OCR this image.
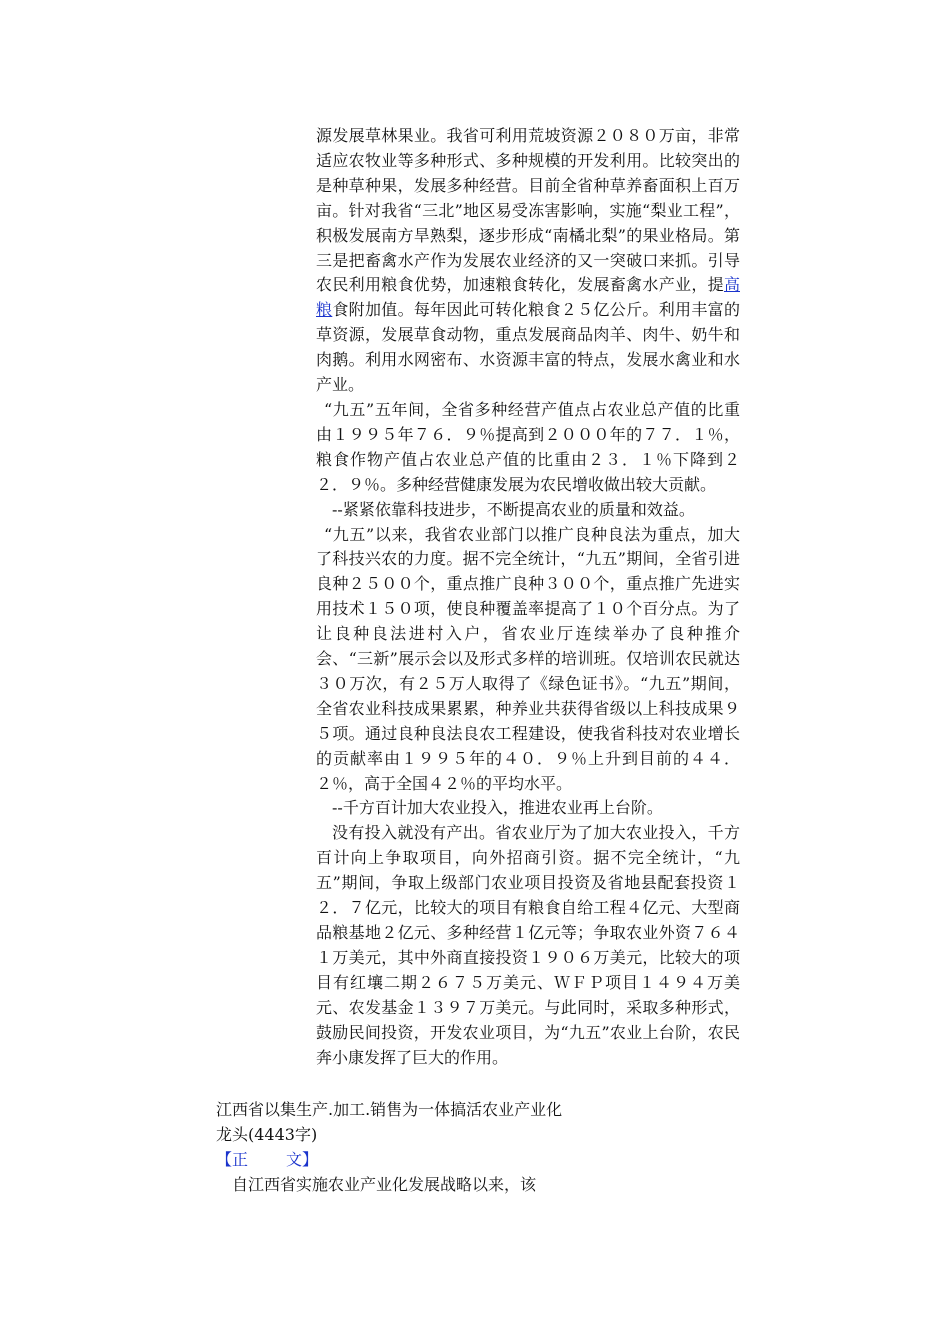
源发展草林果业。我省可利用荒坡资源２０８０万亩，非常适应农牧业等多种形式、多种规模的开发利用。比较突出的是种草种果，发展多种经营。目前全省种草养畜面积上百万亩。针对我省“三北”地区易受冻害影响，实施“梨业工程”，积极发展南方旱熟梨，逐步形成“南橘北梨”的果业格局。第三是把畜禽水产作为发展农业经济的又一突破口来抓。引导农民利用粮食优势，加速粮食转化，发展畜禽水产业，提高粮食附加值。每年因此可转化粮食２５亿公斤。利用丰富的草资源，发展草食动物，重点发展商品肉羊、肉牛、奶牛和肉鹅。利用水网密布、水资源丰富的特点，发展水禽业和水产业。

“九五”五年间，全省多种经营产值点占农业总产值的比重由１９９５年７６．９％提高到２０００年的７７．１％，粮食作物产值占农业总产值的比重由２３．１％下降到２２．９％。多种经营健康发展为农民增收做出较大贡献。

--紧紧依靠科技进步，不断提高农业的质量和效益。

“九五”以来，我省农业部门以推广良种良法为重点，加大了科技兴农的力度。据不完全统计，“九五”期间，全省引进良种２５００个，重点推广良种３００个，重点推广先进实用技术１５０项，使良种覆盖率提高了１０个百分点。为了让良种良法进村入户，省农业厅连续举办了良种推介会、“三新”展示会以及形式多样的培训班。仅培训农民就达３０万次，有２５万人取得了《绿色证书》。“九五”期间，全省农业科技成果累累，种养业共获得省级以上科技成果９５项。通过良种良法良农工程建设，使我省科技对农业增长的贡献率由１９９５年的４０．９％上升到目前的４４．２％，高于全国４２％的平均水平。

--千方百计加大农业投入，推进农业再上台阶。

没有投入就没有产出。省农业厅为了加大农业投入，千方百计向上争取项目，向外招商引资。据不完全统计，“九五”期间，争取上级部门农业项目投资及省地县配套投资１２．７亿元，比较大的项目有粮食自给工程４亿元、大型商品粮基地２亿元、多种经营１亿元等；争取农业外资７６４１万美元，其中外商直接投资１９０６万美元，比较大的项目有红壤二期２６７５万美元、ＷＦＰ项目１４９４万美元、农发基金１３９７万美元。与此同时，采取多种形式，鼓励民间投资，开发农业项目，为“九五”农业上台阶，农民奔小康发挥了巨大的作用。

江西省以集生产.加工.销售为一体搞活农业产业化龙头(4443字)

【正 文】

自江西省实施农业产业化发展战略以来，该
